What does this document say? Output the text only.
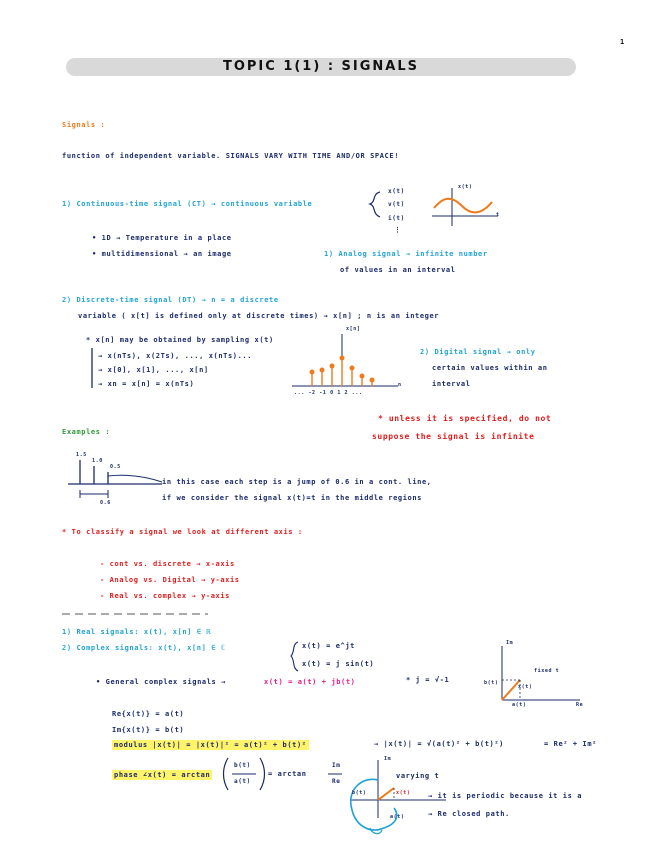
1
TOPIC 1(1) : SIGNALS
Signals :
function of independent variable. SIGNALS VARY WITH TIME AND/OR SPACE!
1) Continuous-time signal (CT) → continuous variable
x(t)
v(t)
i(t)
⋮
x(t)
t
• 1D → Temperature in a place
• multidimensional → an image	1) Analog signal → infinite number
of values in an interval
2) Discrete-time signal (DT) → n = a discrete
variable ( x[t] is defined only at discrete times) → x[n] ; n is an integer
* x[n] may be obtained by sampling x(t)
→ x(nTs), x(2Ts), ..., x(nTs)...
→ x[0], x[1], ..., x[n]
→ xn = x[n] = x(nTs)
x[n]
n
... -2 -1 0 1 2 ...
2) Digital signal → only
certain values within an
interval
* unless it is specified, do not
suppose the signal is infinite
Examples :
1.5
1.0
0.5
0.6
in this case each step is a jump of 0.6 in a cont. line,
if we consider the signal x(t)=t in the middle regions
* To classify a signal we look at different axis :
- cont vs. discrete → x-axis
- Analog vs. Digital → y-axis
- Real vs. complex → y-axis
1) Real signals: x(t), x[n] ∈ ℝ
2) Complex signals: x(t), x[n] ∈ ℂ	x(t) = e^jt
x(t) = j sin(t)
• General complex signals →	x(t) = a(t) + jb(t)	* j = √-1
Im
Re
fixed t
b(t)
a(t)
x(t)
Re{x(t)} = a(t)
Im{x(t)} = b(t)
modulus |x(t)| = |x(t)|² = a(t)² + b(t)²	→ |x(t)| = √(a(t)² + b(t)²)	= Re² + Im²
phase ∠x(t) = arctan
b(t)
a(t)
= arctan
Im
Re
Im
b(t)
a(t)
x(t)
varying t
→ it is periodic because it is a
→ Re closed path.
